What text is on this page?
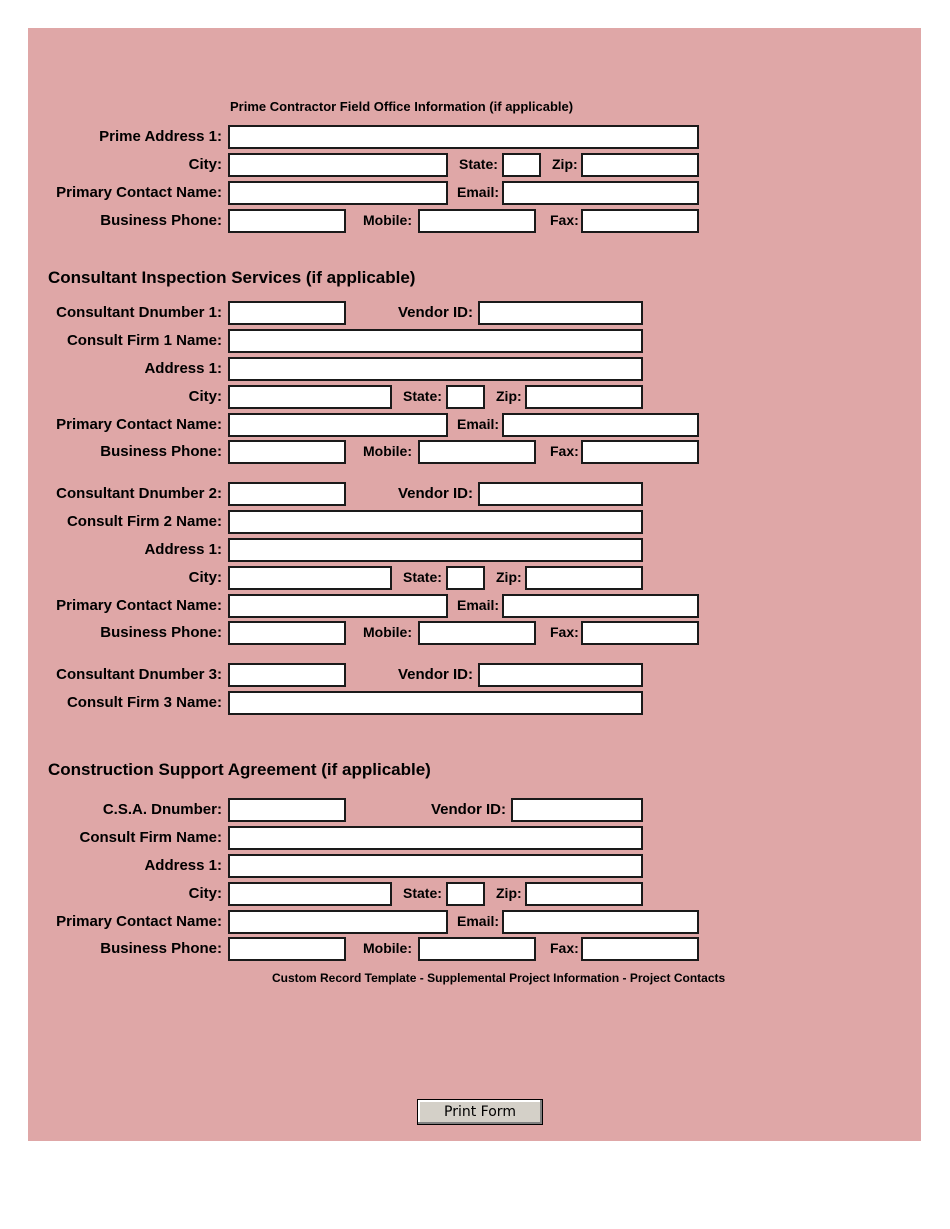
Prime Contractor Field Office Information (if applicable)
Prime Address 1:
City:	State:	Zip:
Primary Contact Name:	Email:
Business Phone:	Mobile:	Fax:
Consultant Inspection Services (if applicable)
Consultant Dnumber 1:	Vendor ID:
Consult Firm 1 Name:
Address 1:
City:	State:	Zip:
Primary Contact Name:	Email:
Business Phone:	Mobile:	Fax:
Consultant Dnumber 2:	Vendor ID:
Consult Firm 2 Name:
Address 1:
City:	State:	Zip:
Primary Contact Name:	Email:
Business Phone:	Mobile:	Fax:
Consultant Dnumber 3:	Vendor ID:
Consult Firm 3 Name:
Construction Support Agreement (if applicable)
C.S.A. Dnumber:	Vendor ID:
Consult Firm Name:
Address 1:
City:	State:	Zip:
Primary Contact Name:	Email:
Business Phone:	Mobile:	Fax:
Custom Record Template - Supplemental Project Information - Project Contacts
Print Form
